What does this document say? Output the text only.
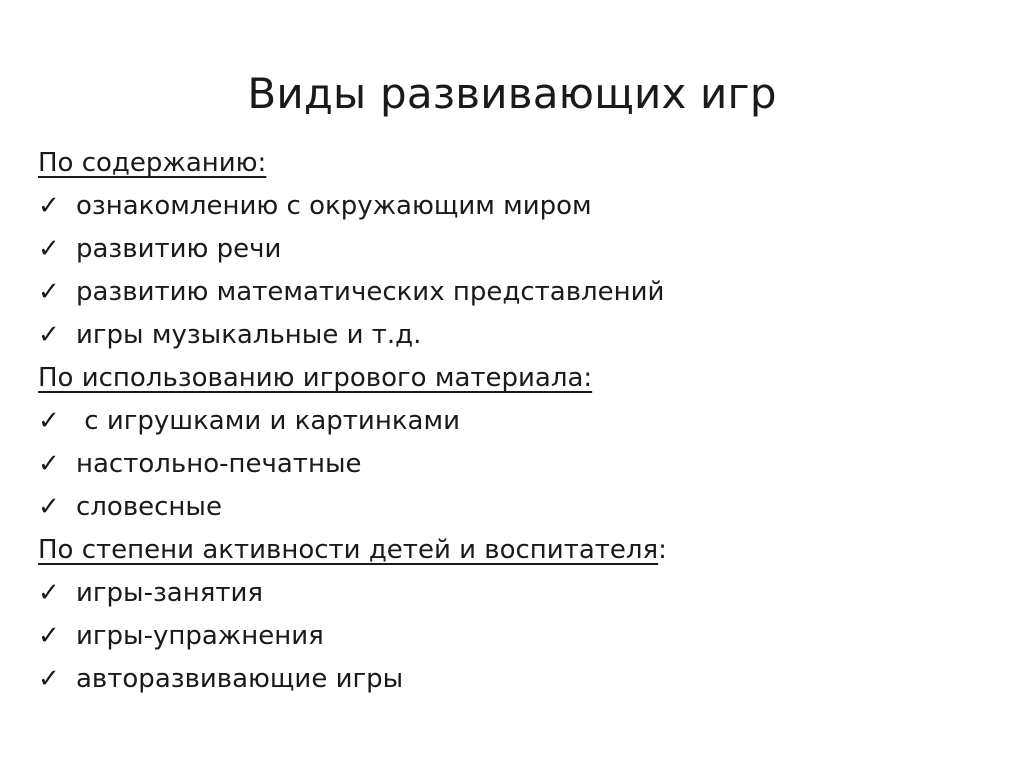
Виды развивающих игр
По содержанию:
✓ ознакомлению с окружающим миром
✓ развитию речи
✓ развитию математических представлений
✓ игры музыкальные и т.д.
По использованию игрового материала:
✓ с игрушками и картинками
✓ настольно-печатные
✓ словесные
По степени активности детей и воспитателя:
✓ игры-занятия
✓ игры-упражнения
✓ авторазвивающие игры
